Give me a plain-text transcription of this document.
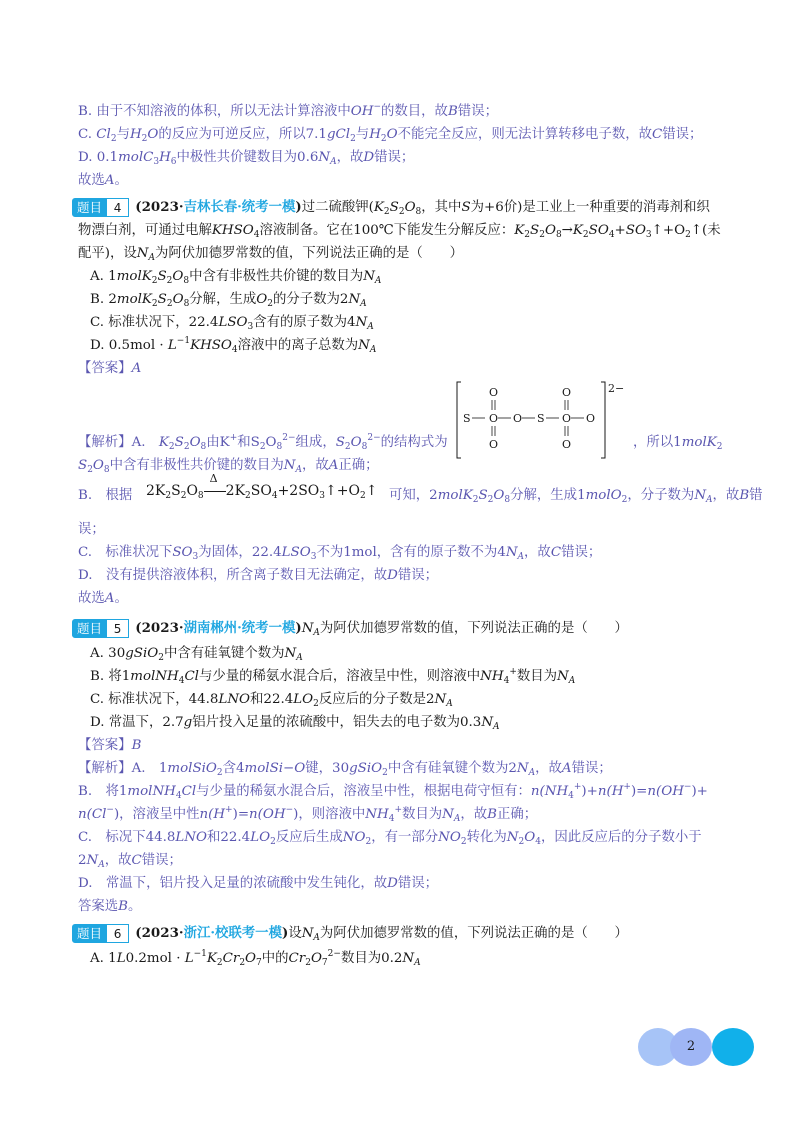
B. 由于不知溶液的体积，所以无法计算溶液中OH−的数目，故B错误；
C. $Cl_2$与$H_2O$的反应为可逆反应，所以7.1gCl$_2$与$H_2O$不能完全反应，则无法计算转移电子数，故C错误；
D. $0.1molC_3H_6$中极性共价键数目为$0.6N_A$，故D错误；
故选A。
题目 4	(2023·吉林长春·统考一模)过二硫酸钾($K_2S_2O_8$，其中S为+6价)是工业上一种重要的消毒剂和织
物漂白剂，可通过电解$KHSO_4$溶液制备。它在100℃下能发生分解反应：$K_2S_2O_8\to K_2SO_4+SO_3↑+O_2↑$(未
配平)，设$N_A$为阿伏加德罗常数的值，下列说法正确的是（　　）
A. $1molK_2S_2O_8$中含有非极性共价键的数目为$N_A$
B. $2molK_2S_2O_8$分解，生成$O_2$的分子数为$2N_A$
C. 标准状况下，$22.4LSO_3$含有的原子数为$4N_A$
D. $0.5mol \cdot L^{-1}KHSO_4$溶液中的离子总数为$N_A$
【答案】A
2−
O
S O O S O O
O
O	O
【解析】A.　$K_2S_2O_8$由K+和$S_2O_8^{2-}$组成，$S_2O_8^{2-}$的结构式为	，所以1molK$_2$
$S_2O_8$中含有非极性共价键的数目为$N_A$，故A正确；
B.　根据 $2K_2S_2O_8$
Δ
$2K_2SO_4+2SO_3↑+O_2↑$ 可知，$2molK_2S_2O_8$分解，生成1molO$_2$，分子数为$N_A$，故B错
误；
C.　标准状况下$SO_3$为固体，$22.4LSO_3$不为1mol，含有的原子数不为$4N_A$，故C错误；
D.　没有提供溶液体积，所含离子数目无法确定，故D错误；
故选A。
题目 5	(2023·湖南郴州·统考一模)$N_A$为阿伏加德罗常数的值，下列说法正确的是（　　）
A. 30gSiO$_2$中含有硅氧键个数为$N_A$
B. 将1molNH$_4$Cl与少量的稀氨水混合后，溶液呈中性，则溶液中$NH_4^+$数目为$N_A$
C. 标准状况下，44.8LNO和$22.4LO_2$反应后的分子数是$2N_A$
D. 常温下，2.7g铝片投入足量的浓硫酸中，铝失去的电子数为$0.3N_A$
【答案】B
【解析】A.　1molSiO$_2$含4molSi−O键，30gSiO$_2$中含有硅氧键个数为$2N_A$，故A错误；
B.　将1molNH$_4$Cl与少量的稀氨水混合后，溶液呈中性，根据电荷守恒有：$n(NH_4^+)+n(H^+)=n(OH^-)+$
n(Cl−)，溶液呈中性n(H+)=n(OH−)，则溶液中$NH_4^+$数目为$N_A$，故B正确；
C.　标况下44.8LNO和$22.4LO_2$反应后生成$NO_2$，有一部分$NO_2$转化为$N_2O_4$，因此反应后的分子数小于
$2N_A$，故C错误；
D.　常温下，铝片投入足量的浓硫酸中发生钝化，故D错误；
答案选B。
题目 6	(2023·浙江·校联考一模)设$N_A$为阿伏加德罗常数的值，下列说法正确的是（　　）
A. $1L0.2mol \cdot L^{-1}K_2Cr_2O_7$中的$Cr_2O_7^{2-}$数目为$0.2N_A$
2
